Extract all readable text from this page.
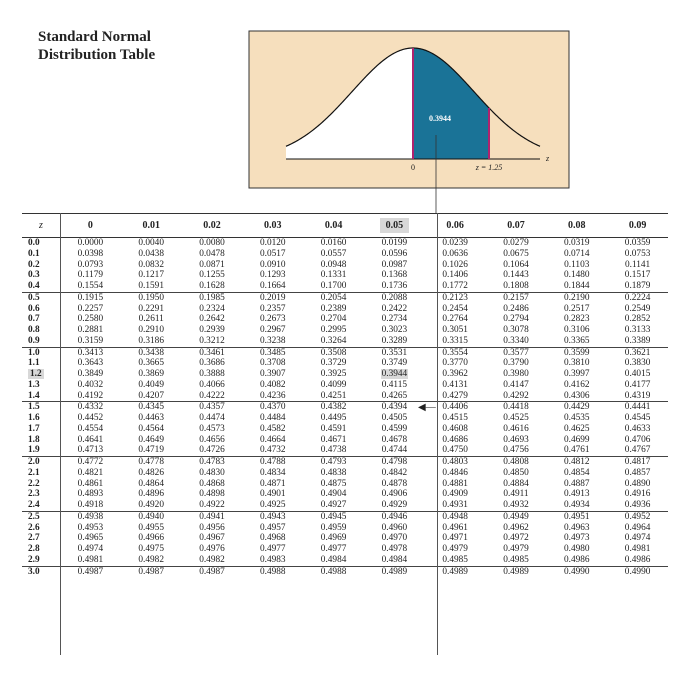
Standard Normal
Distribution Table
0.3944
0	z = 1.25
z
z	0	0.01	0.02	0.03	0.04	0.05	0.06	0.07	0.08	0.09
0.0	0.0000	0.0040	0.0080	0.0120	0.0160	0.0199	0.0239	0.0279	0.0319	0.0359
0.1	0.0398	0.0438	0.0478	0.0517	0.0557	0.0596	0.0636	0.0675	0.0714	0.0753
0.2	0.0793	0.0832	0.0871	0.0910	0.0948	0.0987	0.1026	0.1064	0.1103	0.1141
0.3	0.1179	0.1217	0.1255	0.1293	0.1331	0.1368	0.1406	0.1443	0.1480	0.1517
0.4	0.1554	0.1591	0.1628	0.1664	0.1700	0.1736	0.1772	0.1808	0.1844	0.1879
0.5	0.1915	0.1950	0.1985	0.2019	0.2054	0.2088	0.2123	0.2157	0.2190	0.2224
0.6	0.2257	0.2291	0.2324	0.2357	0.2389	0.2422	0.2454	0.2486	0.2517	0.2549
0.7	0.2580	0.2611	0.2642	0.2673	0.2704	0.2734	0.2764	0.2794	0.2823	0.2852
0.8	0.2881	0.2910	0.2939	0.2967	0.2995	0.3023	0.3051	0.3078	0.3106	0.3133
0.9	0.3159	0.3186	0.3212	0.3238	0.3264	0.3289	0.3315	0.3340	0.3365	0.3389
1.0	0.3413	0.3438	0.3461	0.3485	0.3508	0.3531	0.3554	0.3577	0.3599	0.3621
1.1	0.3643	0.3665	0.3686	0.3708	0.3729	0.3749	0.3770	0.3790	0.3810	0.3830
1.2	0.3849	0.3869	0.3888	0.3907	0.3925	0.3944	0.3962	0.3980	0.3997	0.4015
1.3	0.4032	0.4049	0.4066	0.4082	0.4099	0.4115	0.4131	0.4147	0.4162	0.4177
1.4	0.4192	0.4207	0.4222	0.4236	0.4251	0.4265	0.4279	0.4292	0.4306	0.4319
1.5	0.4332	0.4345	0.4357	0.4370	0.4382	0.4394	0.4406	0.4418	0.4429	0.4441
1.6	0.4452	0.4463	0.4474	0.4484	0.4495	0.4505	0.4515	0.4525	0.4535	0.4545
1.7	0.4554	0.4564	0.4573	0.4582	0.4591	0.4599	0.4608	0.4616	0.4625	0.4633
1.8	0.4641	0.4649	0.4656	0.4664	0.4671	0.4678	0.4686	0.4693	0.4699	0.4706
1.9	0.4713	0.4719	0.4726	0.4732	0.4738	0.4744	0.4750	0.4756	0.4761	0.4767
2.0	0.4772	0.4778	0.4783	0.4788	0.4793	0.4798	0.4803	0.4808	0.4812	0.4817
2.1	0.4821	0.4826	0.4830	0.4834	0.4838	0.4842	0.4846	0.4850	0.4854	0.4857
2.2	0.4861	0.4864	0.4868	0.4871	0.4875	0.4878	0.4881	0.4884	0.4887	0.4890
2.3	0.4893	0.4896	0.4898	0.4901	0.4904	0.4906	0.4909	0.4911	0.4913	0.4916
2.4	0.4918	0.4920	0.4922	0.4925	0.4927	0.4929	0.4931	0.4932	0.4934	0.4936
2.5	0.4938	0.4940	0.4941	0.4943	0.4945	0.4946	0.4948	0.4949	0.4951	0.4952
2.6	0.4953	0.4955	0.4956	0.4957	0.4959	0.4960	0.4961	0.4962	0.4963	0.4964
2.7	0.4965	0.4966	0.4967	0.4968	0.4969	0.4970	0.4971	0.4972	0.4973	0.4974
2.8	0.4974	0.4975	0.4976	0.4977	0.4977	0.4978	0.4979	0.4979	0.4980	0.4981
2.9	0.4981	0.4982	0.4982	0.4983	0.4984	0.4984	0.4985	0.4985	0.4986	0.4986
3.0	0.4987	0.4987	0.4987	0.4988	0.4988	0.4989	0.4989	0.4989	0.4990	0.4990
◀—
